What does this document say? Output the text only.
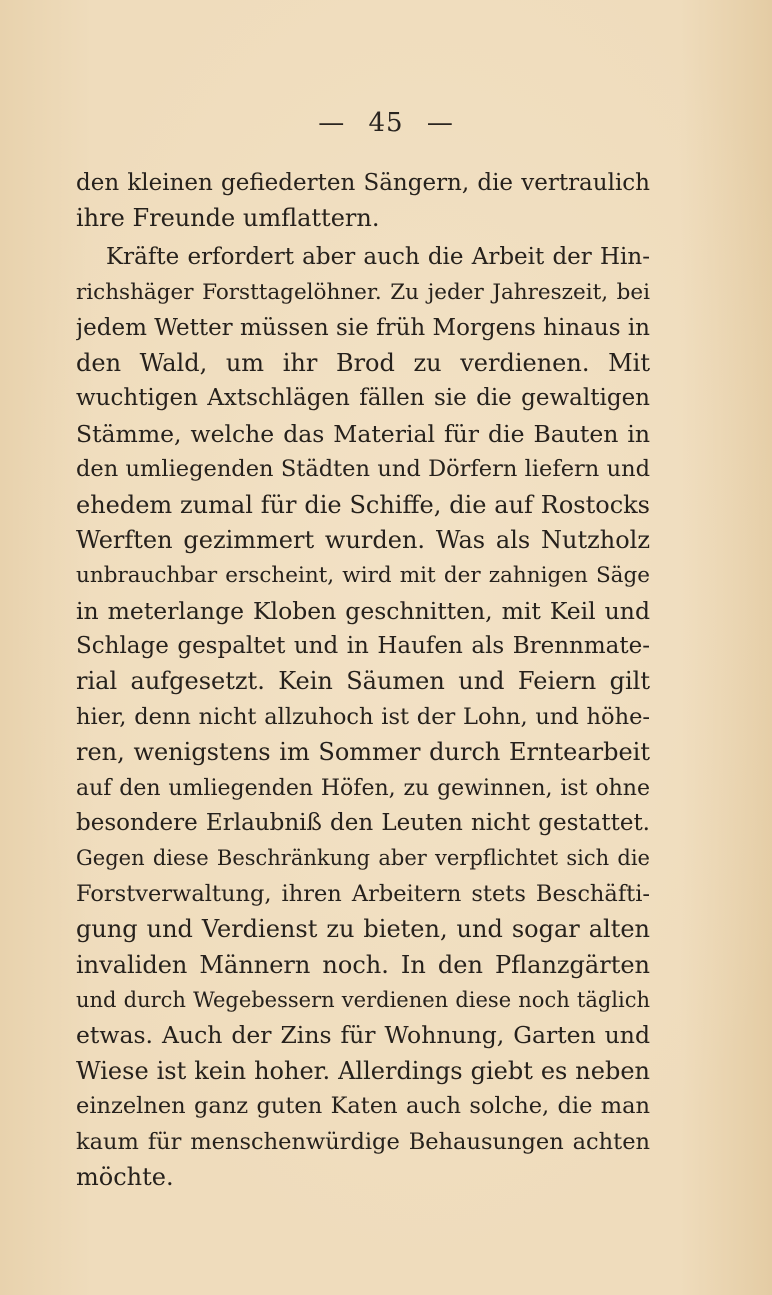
— 45 —
den kleinen gefiederten Sängern, die vertraulich
ihre Freunde umflattern.
Kräfte erfordert aber auch die Arbeit der Hin-
richshäger Forsttagelöhner. Zu jeder Jahreszeit, bei
jedem Wetter müssen sie früh Morgens hinaus in
den Wald, um ihr Brod zu verdienen. Mit
wuchtigen Axtschlägen fällen sie die gewaltigen
Stämme, welche das Material für die Bauten in
den umliegenden Städten und Dörfern liefern und
ehedem zumal für die Schiffe, die auf Rostocks
Werften gezimmert wurden. Was als Nutzholz
unbrauchbar erscheint, wird mit der zahnigen Säge
in meterlange Kloben geschnitten, mit Keil und
Schlage gespaltet und in Haufen als Brennmate-
rial aufgesetzt. Kein Säumen und Feiern gilt
hier, denn nicht allzuhoch ist der Lohn, und höhe-
ren, wenigstens im Sommer durch Erntearbeit
auf den umliegenden Höfen, zu gewinnen, ist ohne
besondere Erlaubniß den Leuten nicht gestattet.
Gegen diese Beschränkung aber verpflichtet sich die
Forstverwaltung, ihren Arbeitern stets Beschäfti-
gung und Verdienst zu bieten, und sogar alten
invaliden Männern noch. In den Pflanzgärten
und durch Wegebessern verdienen diese noch täglich
etwas. Auch der Zins für Wohnung, Garten und
Wiese ist kein hoher. Allerdings giebt es neben
einzelnen ganz guten Katen auch solche, die man
kaum für menschenwürdige Behausungen achten
möchte.
